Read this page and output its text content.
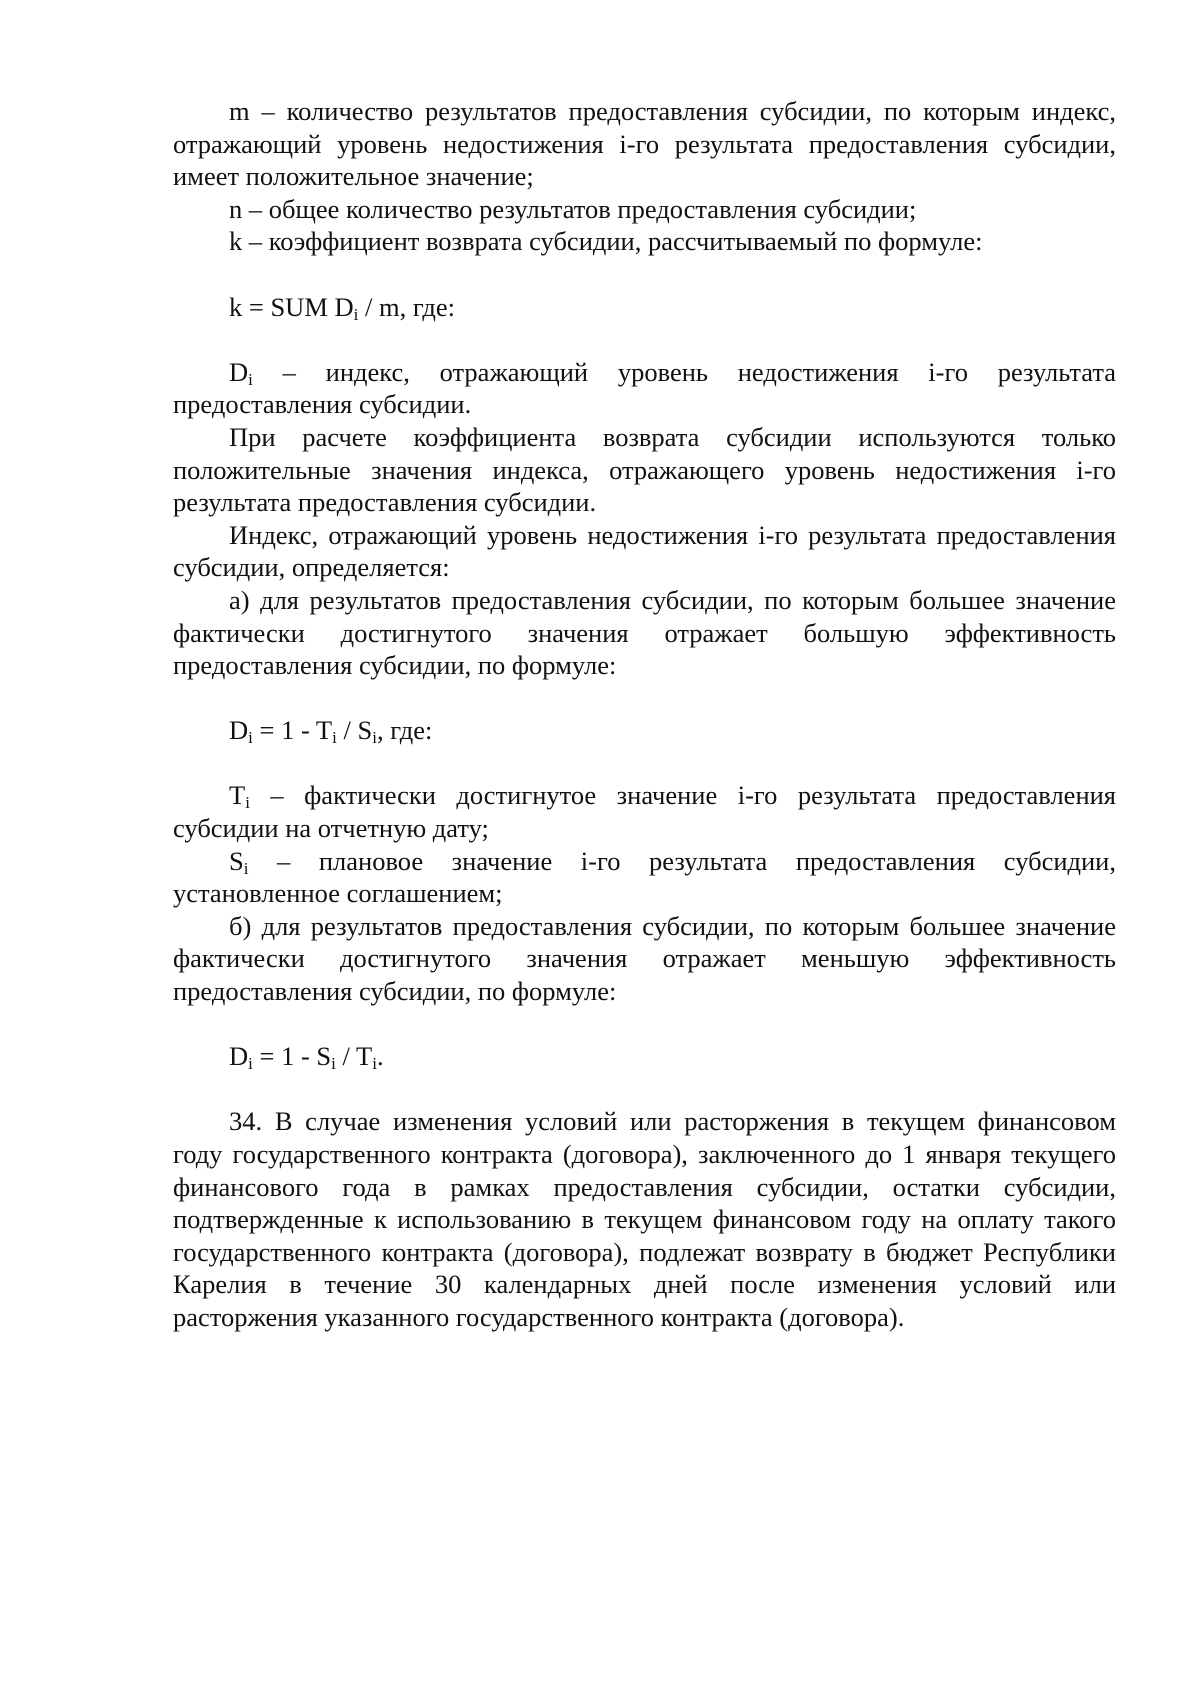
m – количество результатов предоставления субсидии, по которым индекс, отражающий уровень недостижения i-го результата предоставления субсидии, имеет положительное значение;

n – общее количество результатов предоставления субсидии;

k – коэффициент возврата субсидии, рассчитываемый по формуле:

k = SUM $D_i$ / m, где:

$D_i$ – индекс, отражающий уровень недостижения i-го результата предоставления субсидии.

При расчете коэффициента возврата субсидии используются только положительные значения индекса, отражающего уровень недостижения i-го результата предоставления субсидии.

Индекс, отражающий уровень недостижения i-го результата предоставления субсидии, определяется:

а) для результатов предоставления субсидии, по которым большее значение фактически достигнутого значения отражает большую эффективность предоставления субсидии, по формуле:

$D_i = 1 - T_i / S_i$, где:

$T_i$ – фактически достигнутое значение i-го результата предоставления субсидии на отчетную дату;

$S_i$ – плановое значение i-го результата предоставления субсидии, установленное соглашением;

б) для результатов предоставления субсидии, по которым большее значение фактически достигнутого значения отражает меньшую эффективность предоставления субсидии, по формуле:

$D_i = 1 - S_i / T_i$.

34. В случае изменения условий или расторжения в текущем финансовом году государственного контракта (договора), заключенного до 1 января текущего финансового года в рамках предоставления субсидии, остатки субсидии, подтвержденные к использованию в текущем финансовом году на оплату такого государственного контракта (договора), подлежат возврату в бюджет Республики Карелия в течение 30 календарных дней после изменения условий или расторжения указанного государственного контракта (договора).
